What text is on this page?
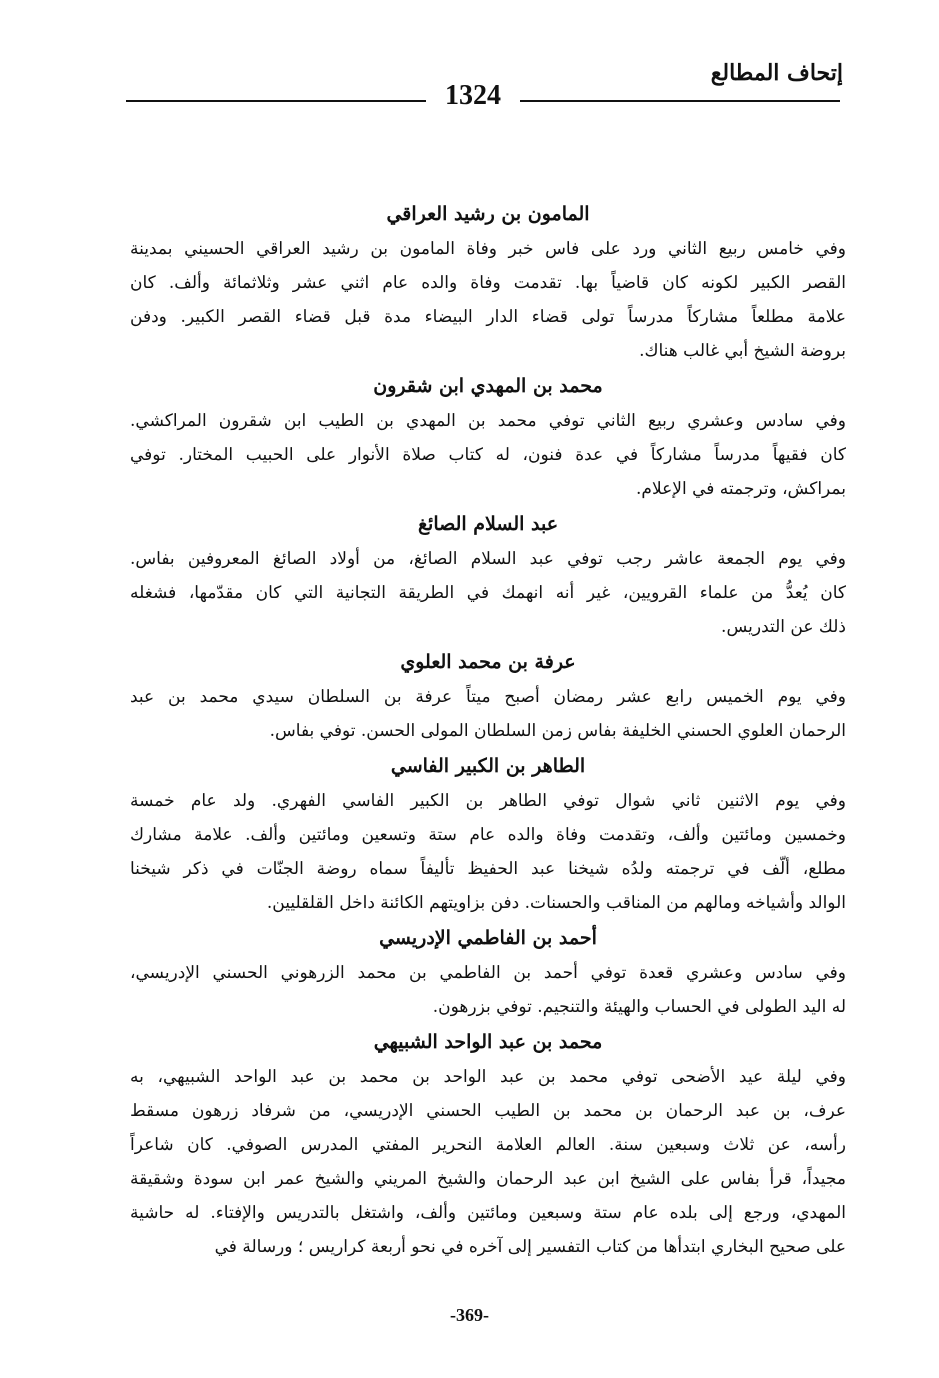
إتحاف المطالع
1324
المامون بن رشيد العراقي
وفي خامس ربيع الثاني ورد على فاس خبر وفاة المامون بن رشيد العراقي الحسيني بمدينة
القصر الكبير لكونه كان قاضياً بها. تقدمت وفاة والده عام اثني عشر وثلاثمائة وألف. كان
علامة مطلعاً مشاركاً مدرساً تولى قضاء الدار البيضاء مدة قبل قضاء القصر الكبير. ودفن
بروضة الشيخ أبي غالب هناك.
محمد بن المهدي ابن شقرون
وفي سادس وعشري ربيع الثاني توفي محمد بن المهدي بن الطيب ابن شقرون المراكشي.
كان فقيهاً مدرساً مشاركاً في عدة فنون، له كتاب صلاة الأنوار على الحبيب المختار. توفي
بمراكش، وترجمته في الإعلام.
عبد السلام الصائغ
وفي يوم الجمعة عاشر رجب توفي عبد السلام الصائغ، من أولاد الصائغ المعروفين بفاس.
كان يُعدُّ من علماء القرويين، غير أنه انهمك في الطريقة التجانية التي كان مقدّمها، فشغله
ذلك عن التدريس.
عرفة بن محمد العلوي
وفي يوم الخميس رابع عشر رمضان أصبح ميتاً عرفة بن السلطان سيدي محمد بن عبد
الرحمان العلوي الحسني الخليفة بفاس زمن السلطان المولى الحسن. توفي بفاس.
الطاهر بن الكبير الفاسي
وفي يوم الاثنين ثاني شوال توفي الطاهر بن الكبير الفاسي الفهري. ولد عام خمسة
وخمسين ومائتين وألف، وتقدمت وفاة والده عام ستة وتسعين ومائتين وألف. علامة مشارك
مطلع، ألّف في ترجمته ولدُه شيخنا عبد الحفيظ تأليفاً سماه روضة الجنّات في ذكر شيخنا
الوالد وأشياخه ومالهم من المناقب والحسنات. دفن بزاويتهم الكائنة داخل القلقليين.
أحمد بن الفاطمي الإدريسي
وفي سادس وعشري قعدة توفي أحمد بن الفاطمي بن محمد الزرهوني الحسني الإدريسي،
له اليد الطولى في الحساب والهيئة والتنجيم. توفي بزرهون.
محمد بن عبد الواحد الشبيهي
وفي ليلة عيد الأضحى توفي محمد بن عبد الواحد بن محمد بن عبد الواحد الشبيهي، به
عرف، بن عبد الرحمان بن محمد بن الطيب الحسني الإدريسي، من شرفاد زرهون مسقط
رأسه، عن ثلاث وسبعين سنة. العالم العلامة النحرير المفتي المدرس الصوفي. كان شاعراً
مجيداً، قرأ بفاس على الشيخ ابن عبد الرحمان والشيخ المريني والشيخ عمر ابن سودة وشقيقة
المهدي، ورجع إلى بلده عام ستة وسبعين ومائتين وألف، واشتغل بالتدريس والإفتاء. له حاشية
على صحيح البخاري ابتدأها من كتاب التفسير إلى آخره في نحو أربعة كراريس ؛ ورسالة في
-369-
